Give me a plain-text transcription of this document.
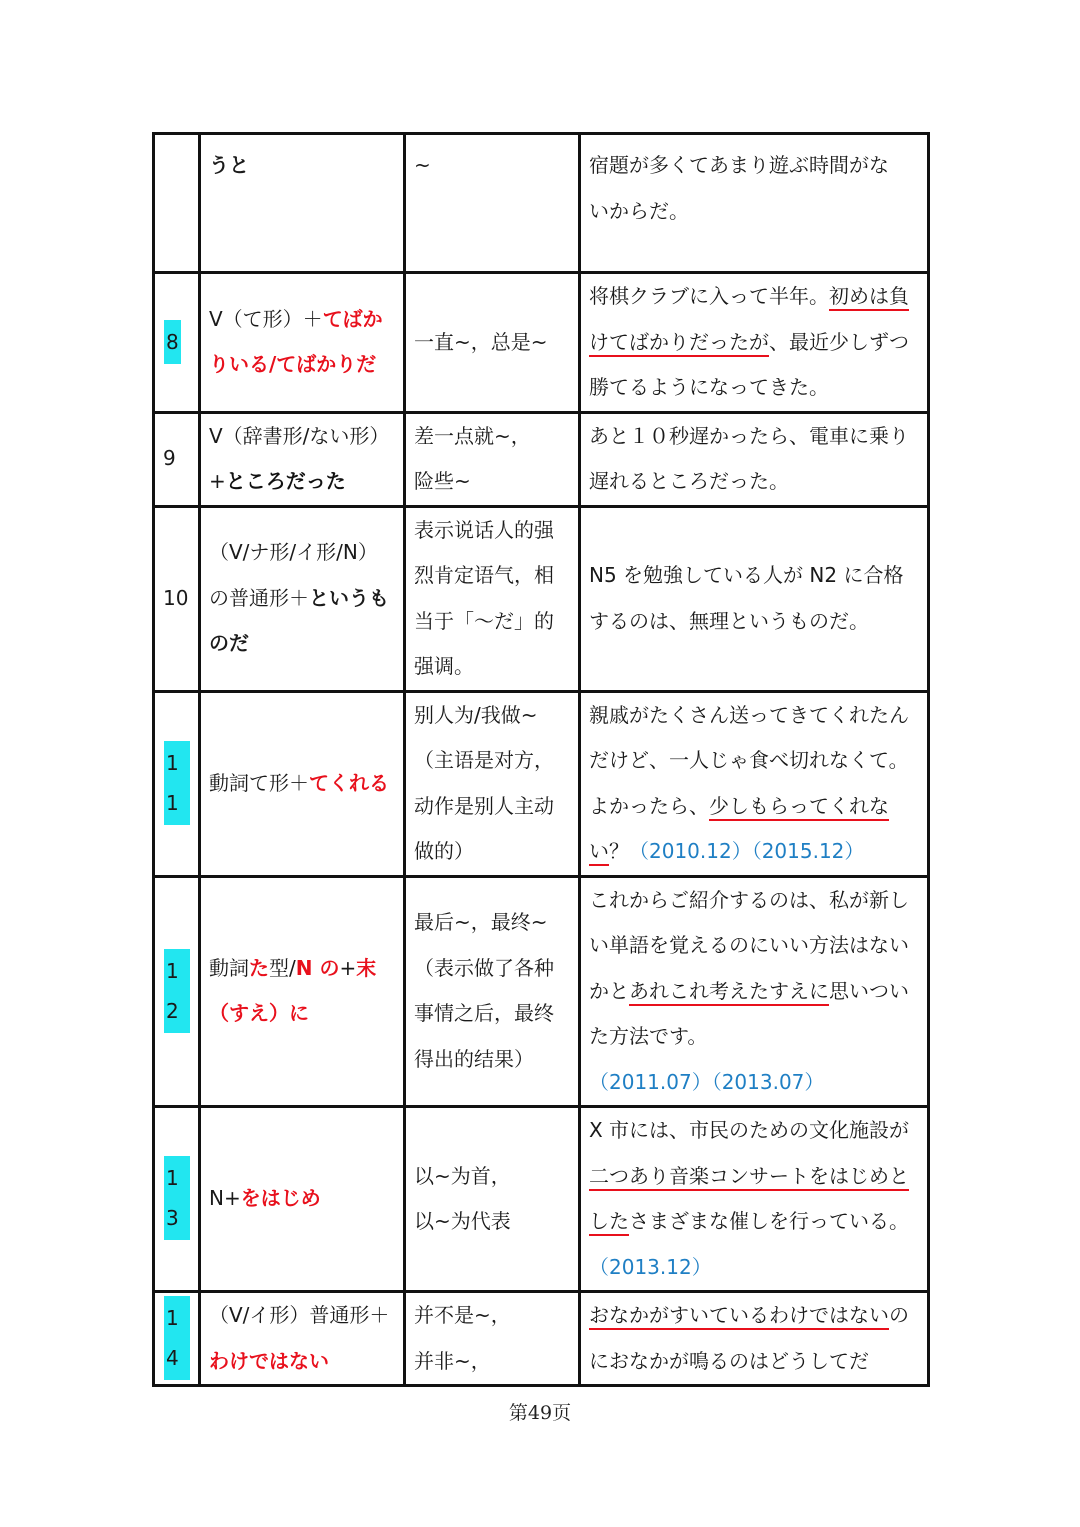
	うと	~	宿題が多くてあまり遊ぶ時間がな
いからだ。
8	V（て形）＋てばかりいる/てばかりだ	一直~，总是~	将棋クラブに入って半年。初めは負けてばかりだったが、最近少しずつ勝てるようになってきた。
9	V（辞書形/ない形）+ところだった	差一点就~，
险些~	あと１０秒遅かったら、電車に乗り遅れるところだった。
10	（V/ナ形/イ形/N）の普通形＋というものだ	表示说话人的强烈肯定语气，相当于「～だ」的强调。	N5 を勉強している人が N2 に合格するのは、無理というものだ。
11	動詞て形＋てくれる	别人为/我做~（主语是对方，动作是别人主动做的）	親戚がたくさん送ってきてくれたんだけど、一人じゃ食べ切れなくて。よかったら、少しもらってくれない？（2010.12）（2015.12）
12	動詞た型/N の+末（すえ）に	最后~，最终~（表示做了各种事情之后，最终得出的结果）	これからご紹介するのは、私が新しい単語を覚えるのにいい方法はないかとあれこれ考えたすえに思いついた方法です。
（2011.07）（2013.07）
13	N+をはじめ	以~为首，
以~为代表	X 市には、市民のための文化施設が二つあり音楽コンサートをはじめとしたさまざまな催しを行っている。（2013.12）
14	（V/イ形）普通形＋わけではない	并不是~，
并非~，	おなかがすいているわけではないのにおなかが鳴るのはどうしてだ
第49页
